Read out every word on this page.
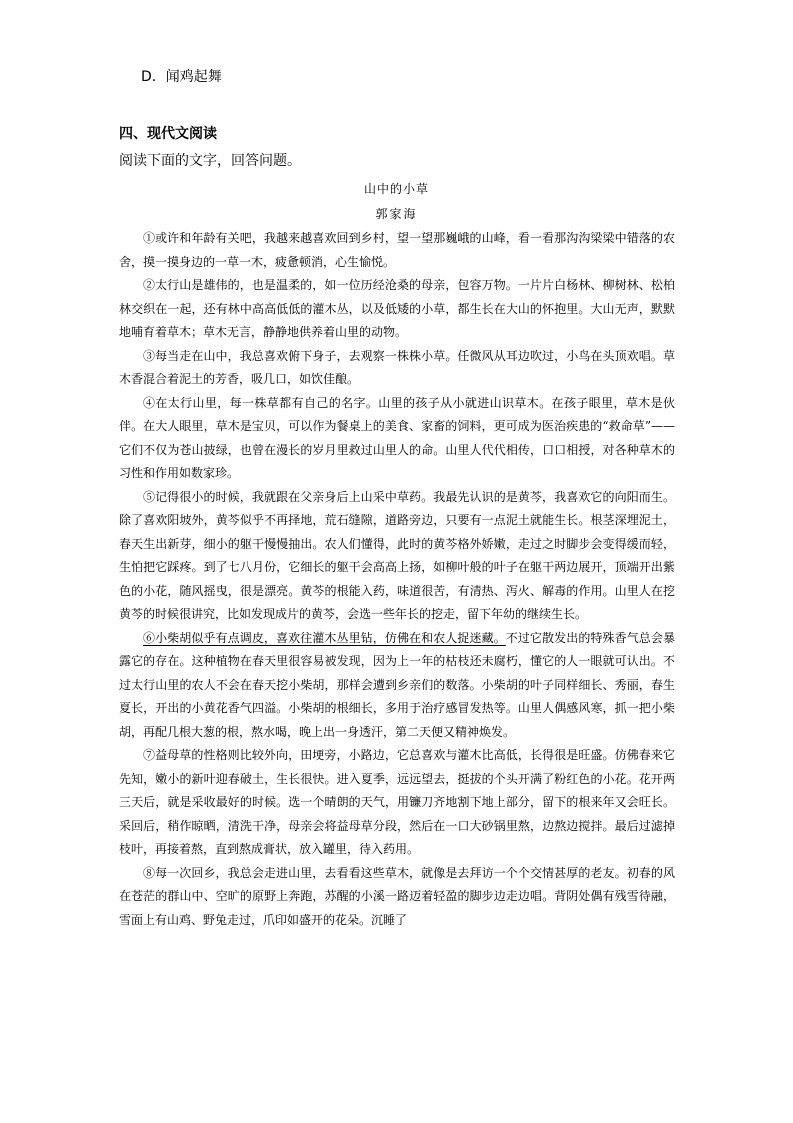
D．闻鸡起舞
四、现代文阅读
阅读下面的文字，回答问题。
山中的小草
郭家海

①或许和年龄有关吧，我越来越喜欢回到乡村，望一望那巍峨的山峰，看一看那沟沟梁梁中错落的农舍，摸一摸身边的一草一木，疲惫顿消，心生愉悦。

②太行山是雄伟的，也是温柔的，如一位历经沧桑的母亲，包容万物。一片片白杨林、柳树林、松柏林交织在一起，还有林中高高低低的灌木丛，以及低矮的小草，都生长在大山的怀抱里。大山无声，默默地哺育着草木；草木无言，静静地供养着山里的动物。

③每当走在山中，我总喜欢俯下身子，去观察一株株小草。任微风从耳边吹过，小鸟在头顶欢唱。草木香混合着泥土的芳香，吸几口，如饮佳酿。

④在太行山里，每一株草都有自己的名字。山里的孩子从小就进山识草木。在孩子眼里，草木是伙伴。在大人眼里，草木是宝贝，可以作为餐桌上的美食、家畜的饲料，更可成为医治疾患的“救命草”——它们不仅为苍山披绿，也曾在漫长的岁月里救过山里人的命。山里人代代相传，口口相授，对各种草木的习性和作用如数家珍。

⑤记得很小的时候，我就跟在父亲身后上山采中草药。我最先认识的是黄芩，我喜欢它的向阳而生。除了喜欢阳坡外，黄芩似乎不再择地，荒石缝隙，道路旁边，只要有一点泥土就能生长。根茎深埋泥土，春天生出新芽，细小的躯干慢慢抽出。农人们懂得，此时的黄芩格外娇嫩，走过之时脚步会变得缓而轻，生怕把它踩疼。到了七八月份，它细长的躯干会高高上扬，如柳叶般的叶子在躯干两边展开，顶端开出紫色的小花，随风摇曳，很是漂亮。黄芩的根能入药，味道很苦，有清热、泻火、解毒的作用。山里人在挖黄芩的时候很讲究，比如发现成片的黄芩，会选一些年长的挖走，留下年幼的继续生长。

⑥小柴胡似乎有点调皮，喜欢往灌木丛里钻，仿佛在和农人捉迷藏。不过它散发出的特殊香气总会暴露它的存在。这种植物在春天里很容易被发现，因为上一年的枯枝还未腐朽，懂它的人一眼就可认出。不过太行山里的农人不会在春天挖小柴胡，那样会遭到乡亲们的数落。小柴胡的叶子同样细长、秀丽，春生夏长，开出的小黄花香气四溢。小柴胡的根细长，多用于治疗感冒发热等。山里人偶感风寒，抓一把小柴胡，再配几根大葱的根，熬水喝，晚上出一身透汗，第二天便又精神焕发。

⑦益母草的性格则比较外向，田埂旁，小路边，它总喜欢与灌木比高低，长得很是旺盛。仿佛春来它先知，嫩小的新叶迎春破土，生长很快。进入夏季，远远望去，挺拔的个头开满了粉红色的小花。花开两三天后，就是采收最好的时候。选一个晴朗的天气，用镰刀齐地割下地上部分，留下的根来年又会旺长。采回后，稍作晾晒，清洗干净，母亲会将益母草分段，然后在一口大砂锅里熬，边熬边搅拌。最后过滤掉枝叶，再接着熬，直到熬成膏状，放入罐里，待入药用。

⑧每一次回乡，我总会走进山里，去看看这些草木，就像是去拜访一个个交情甚厚的老友。初春的风在苍茫的群山中、空旷的原野上奔跑，苏醒的小溪一路迈着轻盈的脚步边走边唱。背阴处偶有残雪待融，雪面上有山鸡、野兔走过，爪印如盛开的花朵。沉睡了
